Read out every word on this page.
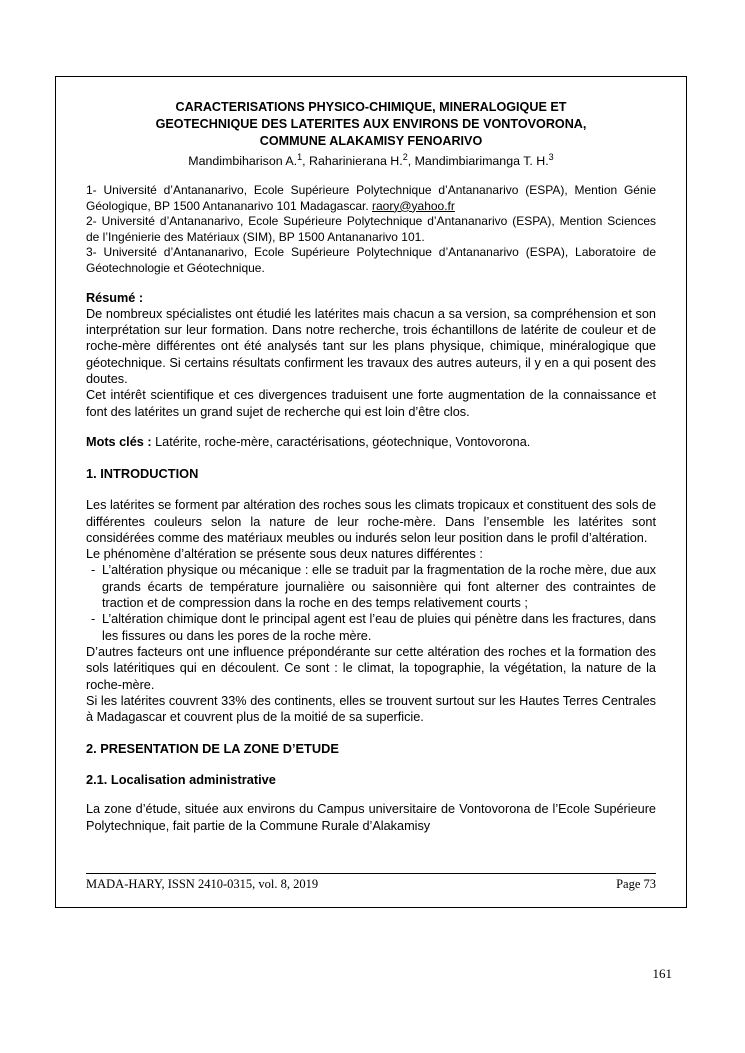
CARACTERISATIONS PHYSICO-CHIMIQUE, MINERALOGIQUE ET GEOTECHNIQUE DES LATERITES AUX ENVIRONS DE VONTOVORONA, COMMUNE ALAKAMISY FENOARIVO
Mandimbiharison A.$^1$, Raharinierana H.$^2$, Mandimbiarimanga T. H.$^3$

1- Université d’Antananarivo, Ecole Supérieure Polytechnique d’Antananarivo (ESPA), Mention Génie Géologique, BP 1500 Antananarivo 101 Madagascar. raory@yahoo.fr

2- Université d’Antananarivo, Ecole Supérieure Polytechnique d’Antananarivo (ESPA), Mention Sciences de l’Ingénierie des Matériaux (SIM), BP 1500 Antananarivo 101.

3- Université d’Antananarivo, Ecole Supérieure Polytechnique d’Antananarivo (ESPA), Laboratoire de Géotechnologie et Géotechnique.

Résumé :

De nombreux spécialistes ont étudié les latérites mais chacun a sa version, sa compréhension et son interprétation sur leur formation. Dans notre recherche, trois échantillons de latérite de couleur et de roche-mère différentes ont été analysés tant sur les plans physique, chimique, minéralogique que géotechnique. Si certains résultats confirment les travaux des autres auteurs, il y en a qui posent des doutes.

Cet intérêt scientifique et ces divergences traduisent une forte augmentation de la connaissance et font des latérites un grand sujet de recherche qui est loin d’être clos.

Mots clés : Latérite, roche-mère, caractérisations, géotechnique, Vontovorona.

1. INTRODUCTION

Les latérites se forment par altération des roches sous les climats tropicaux et constituent des sols de différentes couleurs selon la nature de leur roche-mère. Dans l’ensemble les latérites sont considérées comme des matériaux meubles ou indurés selon leur position dans le profil d’altération.

Le phénomène d’altération se présente sous deux natures différentes :

- L’altération physique ou mécanique : elle se traduit par la fragmentation de la roche mère, due aux grands écarts de température journalière ou saisonnière qui font alterner des contraintes de traction et de compression dans la roche en des temps relativement courts ;
- L’altération chimique dont le principal agent est l’eau de pluies qui pénètre dans les fractures, dans les fissures ou dans les pores de la roche mère.

D’autres facteurs ont une influence prépondérante sur cette altération des roches et la formation des sols latéritiques qui en découlent. Ce sont : le climat, la topographie, la végétation, la nature de la roche-mère.

Si les latérites couvrent 33% des continents, elles se trouvent surtout sur les Hautes Terres Centrales à Madagascar et couvrent plus de la moitié de sa superficie.

2. PRESENTATION DE LA ZONE D’ETUDE
2.1. Localisation administrative

La zone d’étude, située aux environs du Campus universitaire de Vontovorona de l’Ecole Supérieure Polytechnique, fait partie de la Commune Rurale d’Alakamisy

MADA-HARY, ISSN 2410-0315, vol. 8, 2019	Page 73
161
